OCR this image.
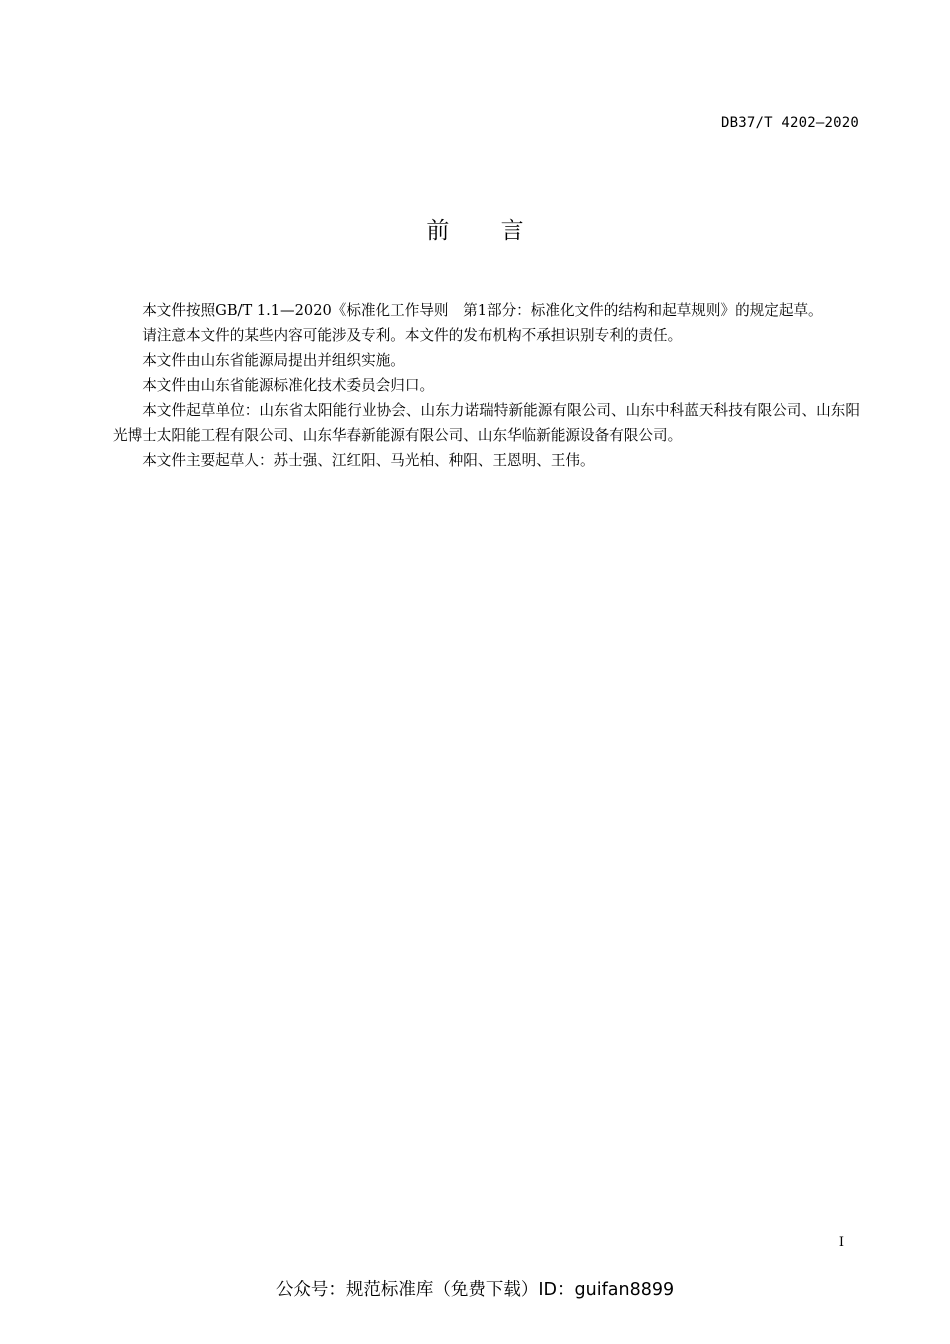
DB37/T 4202—2020
前 言

本文件按照GB/T 1.1—2020《标准化工作导则　第1部分：标准化文件的结构和起草规则》的规定起草。

请注意本文件的某些内容可能涉及专利。本文件的发布机构不承担识别专利的责任。

本文件由山东省能源局提出并组织实施。

本文件由山东省能源标准化技术委员会归口。

本文件起草单位：山东省太阳能行业协会、山东力诺瑞特新能源有限公司、山东中科蓝天科技有限公司、山东阳光博士太阳能工程有限公司、山东华春新能源有限公司、山东华临新能源设备有限公司。

本文件主要起草人：苏士强、江红阳、马光柏、种阳、王恩明、王伟。

I
公众号：规范标准库（免费下载）ID：guifan8899
